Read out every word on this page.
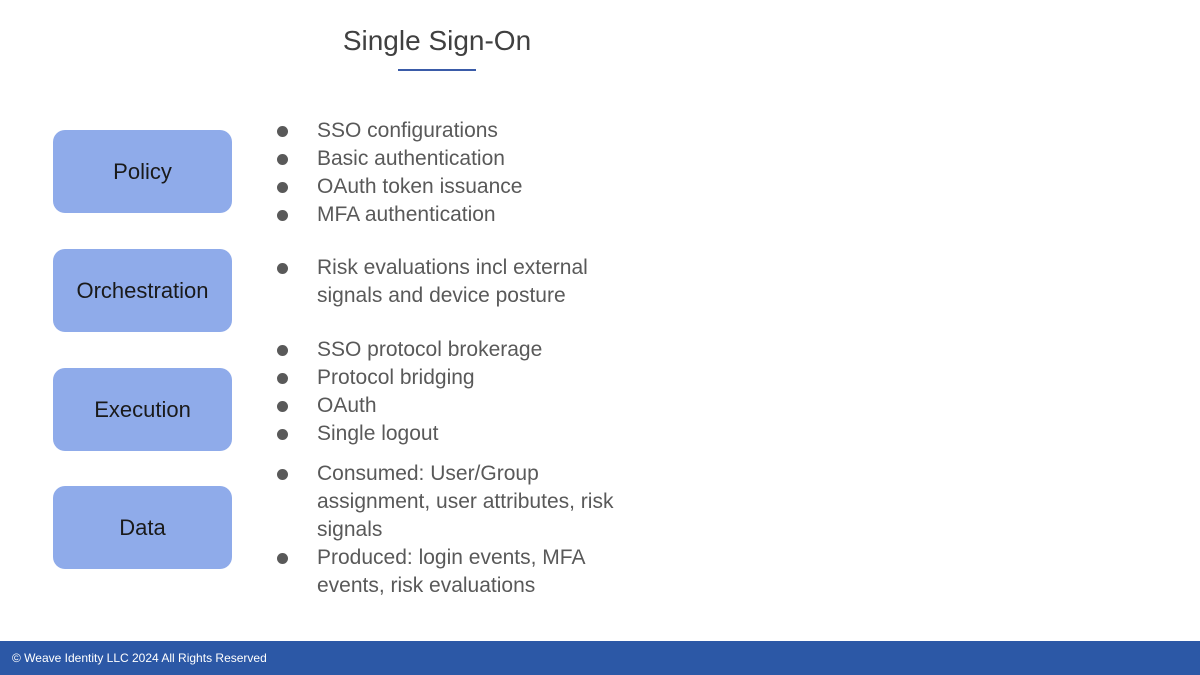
Single Sign-On
Policy
SSO configurations
Basic authentication
OAuth token issuance
MFA authentication
Orchestration
Risk evaluations incl external signals and device posture
Execution
SSO protocol brokerage
Protocol bridging
OAuth
Single logout
Data
Consumed: User/Group assignment, user attributes, risk signals
Produced: login events, MFA events, risk evaluations
© Weave Identity LLC 2024 All Rights Reserved
